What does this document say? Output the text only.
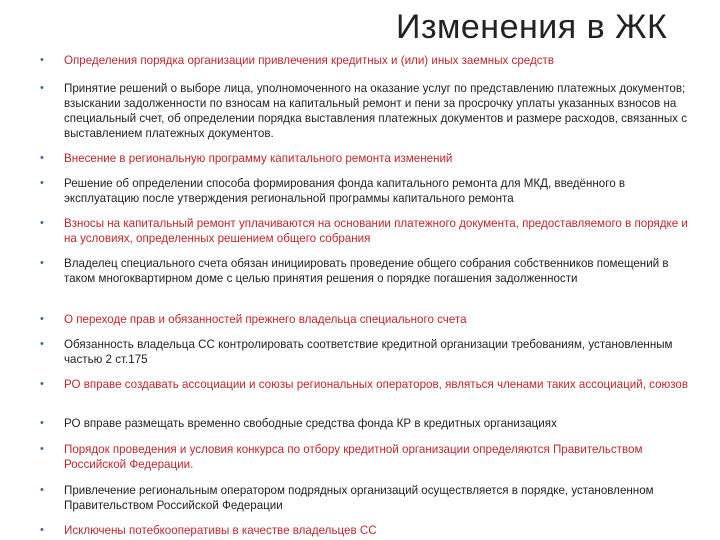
Изменения в ЖК
• Определения порядка организации привлечения кредитных и (или) иных заемных средств
• Принятие решений о выборе лица, уполномоченного на оказание услуг по представлению платежных документов; взыскании задолженности по взносам на капитальный ремонт и пени за просрочку уплаты указанных взносов на специальный счет, об определении порядка выставления платежных документов и размере расходов, связанных с выставлением платежных документов.
• Внесение в региональную программу капитального ремонта изменений
• Решение об определении способа формирования фонда капитального ремонта для МКД, введённого в эксплуатацию после утверждения региональной программы капитального ремонта
• Взносы на капитальный ремонт уплачиваются на основании платежного документа, предоставляемого в порядке и на условиях, определенных решением общего собрания
• Владелец специального счета обязан инициировать проведение общего собрания собственников помещений в таком многоквартирном доме с целью принятия решения о порядке погашения задолженности
• О переходе прав и обязанностей прежнего владельца специального счета
• Обязанность владельца СС контролировать соответствие кредитной организации требованиям, установленным частью 2 ст.175
• РО вправе создавать ассоциации и союзы региональных операторов, являться членами таких ассоциаций, союзов
• РО вправе размещать временно свободные средства фонда КР в кредитных организациях
• Порядок проведения и условия конкурса по отбору кредитной организации определяются Правительством Российской Федерации.
• Привлечение региональным оператором подрядных организаций осуществляется в порядке, установленном Правительством Российской Федерации
• Исключены потебкооперативы в качестве владельцев СС
